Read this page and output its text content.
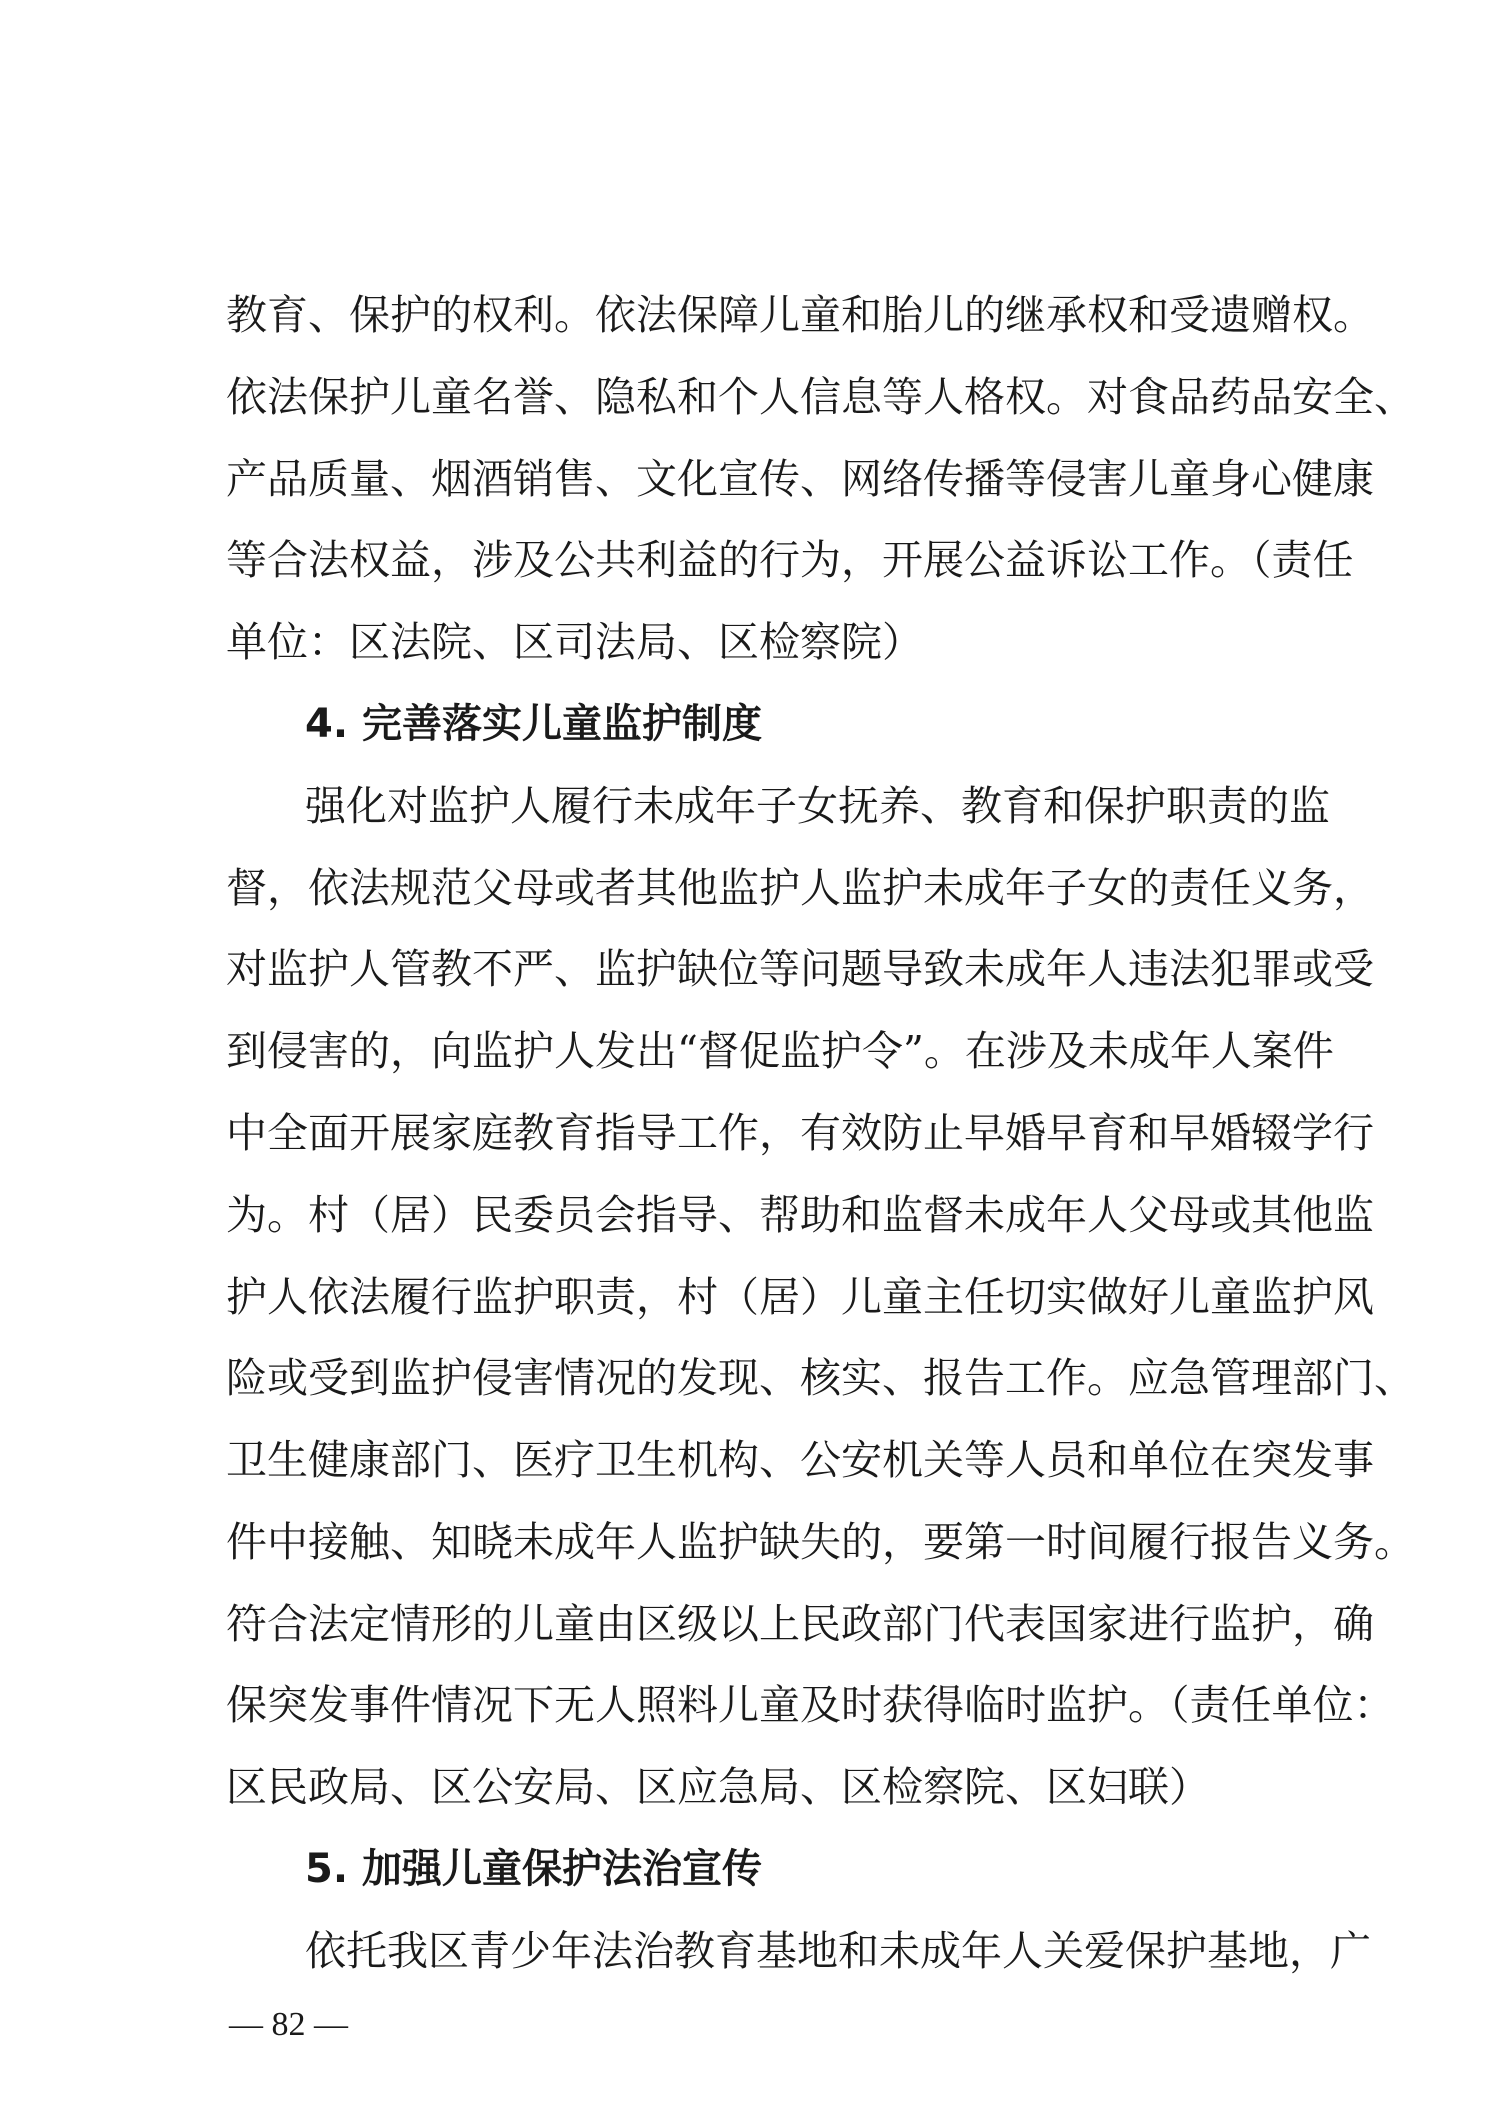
教育、保护的权利。依法保障儿童和胎儿的继承权和受遗赠权。
依法保护儿童名誉、隐私和个人信息等人格权。对食品药品安全、
产品质量、烟酒销售、文化宣传、网络传播等侵害儿童身心健康
等合法权益，涉及公共利益的行为，开展公益诉讼工作。（责任
单位：区法院、区司法局、区检察院）
4. 完善落实儿童监护制度
强化对监护人履行未成年子女抚养、教育和保护职责的监
督，依法规范父母或者其他监护人监护未成年子女的责任义务，
对监护人管教不严、监护缺位等问题导致未成年人违法犯罪或受
到侵害的，向监护人发出“督促监护令”。在涉及未成年人案件
中全面开展家庭教育指导工作，有效防止早婚早育和早婚辍学行
为。村（居）民委员会指导、帮助和监督未成年人父母或其他监
护人依法履行监护职责，村（居）儿童主任切实做好儿童监护风
险或受到监护侵害情况的发现、核实、报告工作。应急管理部门、
卫生健康部门、医疗卫生机构、公安机关等人员和单位在突发事
件中接触、知晓未成年人监护缺失的，要第一时间履行报告义务。
符合法定情形的儿童由区级以上民政部门代表国家进行监护，确
保突发事件情况下无人照料儿童及时获得临时监护。（责任单位：
区民政局、区公安局、区应急局、区检察院、区妇联）
5. 加强儿童保护法治宣传
依托我区青少年法治教育基地和未成年人关爱保护基地，广
— 82 —
